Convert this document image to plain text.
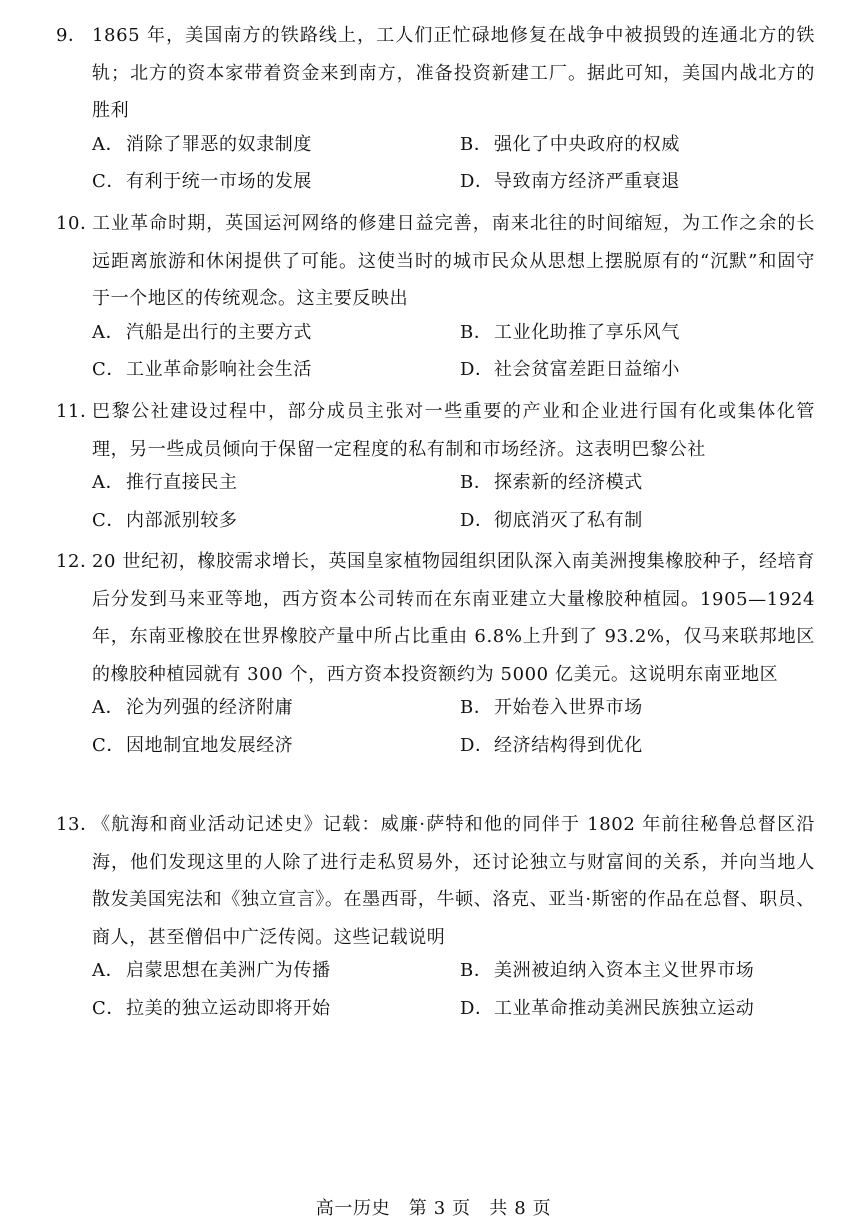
9． 1865 年，美国南方的铁路线上，工人们正忙碌地修复在战争中被损毁的连通北方的铁轨；北方的资本家带着资金来到南方，准备投资新建工厂。据此可知，美国内战北方的胜利
A．消除了罪恶的奴隶制度	B．强化了中央政府的权威
C．有利于统一市场的发展	D．导致南方经济严重衰退
10．
工业革命时期，英国运河网络的修建日益完善，南来北往的时间缩短，为工作之余的长远距离旅游和休闲提供了可能。这使当时的城市民众从思想上摆脱原有的“沉默”和固守于一个地区的传统观念。这主要反映出
A．汽船是出行的主要方式	B．工业化助推了享乐风气
C．工业革命影响社会生活	D．社会贫富差距日益缩小
11．
巴黎公社建设过程中，部分成员主张对一些重要的产业和企业进行国有化或集体化管理，另一些成员倾向于保留一定程度的私有制和市场经济。这表明巴黎公社
A．推行直接民主	B．探索新的经济模式
C．内部派别较多	D．彻底消灭了私有制
12．
20 世纪初，橡胶需求增长，英国皇家植物园组织团队深入南美洲搜集橡胶种子，经培育后分发到马来亚等地，西方资本公司转而在东南亚建立大量橡胶种植园。1905—1924 年，东南亚橡胶在世界橡胶产量中所占比重由 6.8%上升到了 93.2%，仅马来联邦地区的橡胶种植园就有 300 个，西方资本投资额约为 5000 亿美元。这说明东南亚地区
A．沦为列强的经济附庸	B．开始卷入世界市场
C．因地制宜地发展经济	D．经济结构得到优化
13．
《航海和商业活动记述史》记载：威廉·萨特和他的同伴于 1802 年前往秘鲁总督区沿海，他们发现这里的人除了进行走私贸易外，还讨论独立与财富间的关系，并向当地人散发美国宪法和《独立宣言》。在墨西哥，牛顿、洛克、亚当·斯密的作品在总督、职员、商人，甚至僧侣中广泛传阅。这些记载说明
A．启蒙思想在美洲广为传播	B．美洲被迫纳入资本主义世界市场
C．拉美的独立运动即将开始	D．工业革命推动美洲民族独立运动
高一历史　第 3 页　共 8 页
